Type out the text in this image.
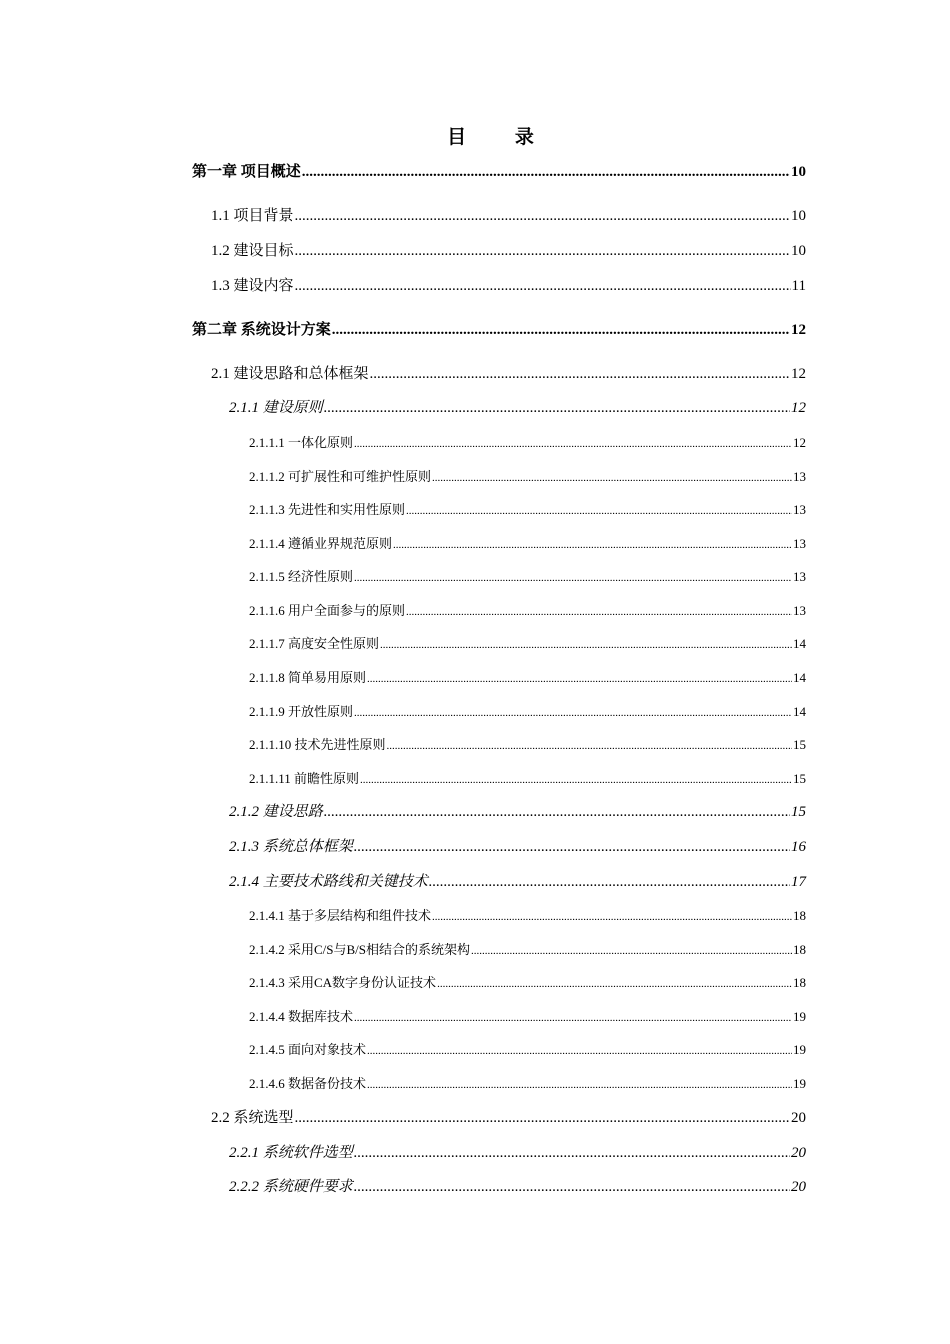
目 录
第一章 项目概述 .....	10
1.1 项目背景 .....	10
1.2 建设目标 .....	10
1.3 建设内容 .....	11
第二章 系统设计方案 .....	12
2.1 建设思路和总体框架 .....	12
2.1.1 建设原则 .....	12
2.1.1.1 一体化原则 .....	12
2.1.1.2 可扩展性和可维护性原则 .....	13
2.1.1.3 先进性和实用性原则 .....	13
2.1.1.4 遵循业界规范原则 .....	13
2.1.1.5 经济性原则 .....	13
2.1.1.6 用户全面参与的原则 .....	13
2.1.1.7 高度安全性原则 .....	14
2.1.1.8 简单易用原则 .....	14
2.1.1.9 开放性原则 .....	14
2.1.1.10 技术先进性原则 .....	15
2.1.1.11 前瞻性原则 .....	15
2.1.2 建设思路 .....	15
2.1.3 系统总体框架 .....	16
2.1.4 主要技术路线和关键技术 .....	17
2.1.4.1 基于多层结构和组件技术 .....	18
2.1.4.2 采用C/S与B/S相结合的系统架构 .....	18
2.1.4.3 采用CA数字身份认证技术 .....	18
2.1.4.4 数据库技术 .....	19
2.1.4.5 面向对象技术 .....	19
2.1.4.6 数据备份技术 .....	19
2.2 系统选型 .....	20
2.2.1 系统软件选型 .....	20
2.2.2 系统硬件要求 .....	20
